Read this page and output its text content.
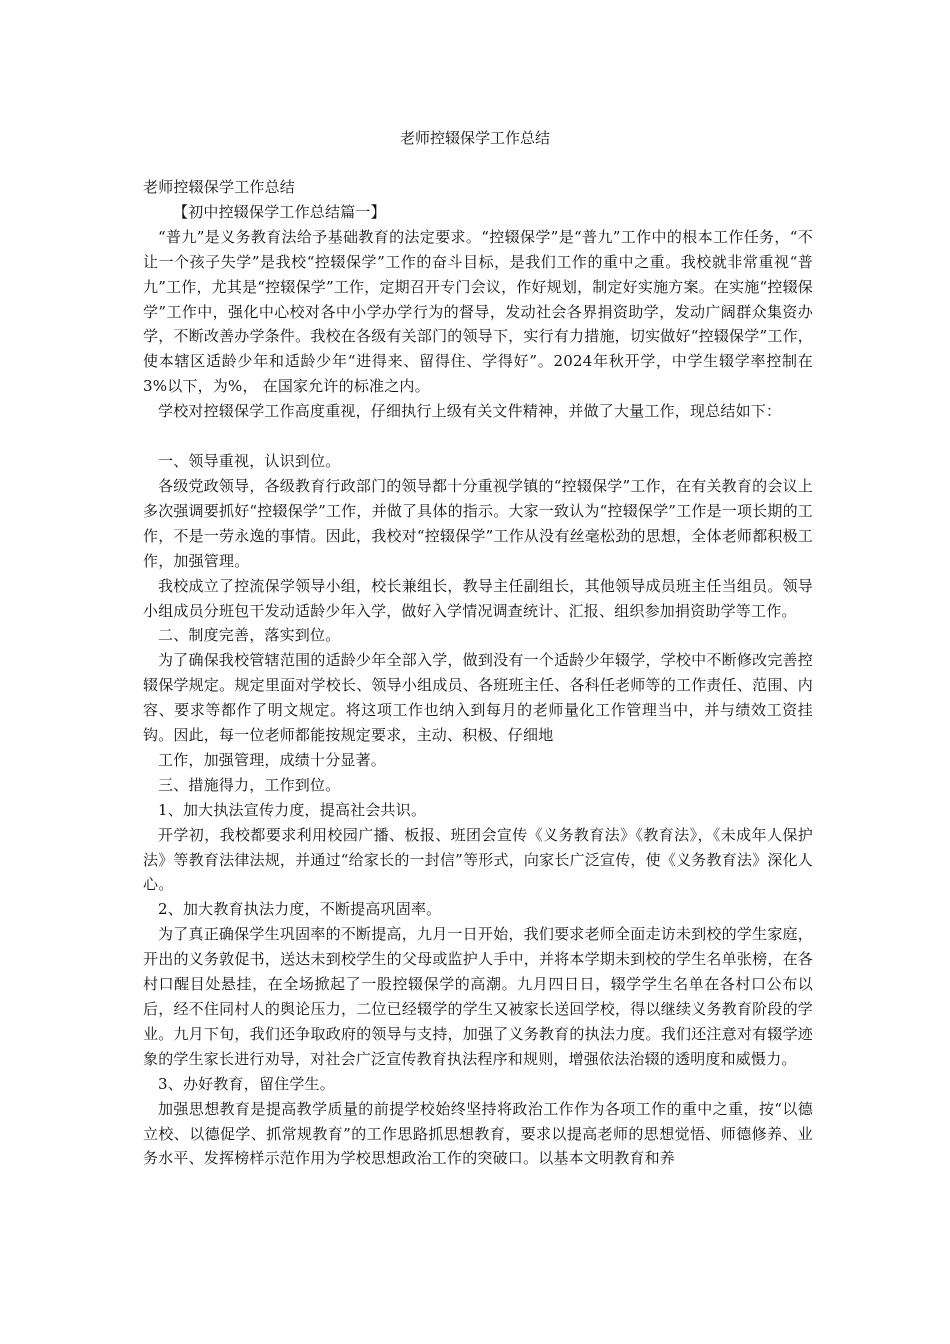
老师控辍保学工作总结

老师控辍保学工作总结

【初中控辍保学工作总结篇一】

“普九”是义务教育法给予基础教育的法定要求。“控辍保学”是“普九”工作中的根本工作任务，“不让一个孩子失学”是我校“控辍保学”工作的奋斗目标，是我们工作的重中之重。我校就非常重视“普九”工作，尤其是“控辍保学”工作，定期召开专门会议，作好规划，制定好实施方案。在实施“控辍保学”工作中，强化中心校对各中小学办学行为的督导，发动社会各界捐资助学，发动广阔群众集资办学，不断改善办学条件。我校在各级有关部门的领导下，实行有力措施，切实做好“控辍保学”工作，使本辖区适龄少年和适龄少年“进得来、留得住、学得好”。2024年秋开学，中学生辍学率控制在3%以下，为%， 在国家允许的标准之内。

学校对控辍保学工作高度重视，仔细执行上级有关文件精神，并做了大量工作，现总结如下：

一、领导重视，认识到位。

各级党政领导，各级教育行政部门的领导都十分重视学镇的“控辍保学”工作，在有关教育的会议上多次强调要抓好“控辍保学”工作，并做了具体的指示。大家一致认为“控辍保学”工作是一项长期的工作，不是一劳永逸的事情。因此，我校对“控辍保学”工作从没有丝毫松劲的思想，全体老师都积极工作，加强管理。

我校成立了控流保学领导小组，校长兼组长，教导主任副组长，其他领导成员班主任当组员。领导小组成员分班包干发动适龄少年入学，做好入学情况调查统计、汇报、组织参加捐资助学等工作。

二、制度完善，落实到位。

为了确保我校管辖范围的适龄少年全部入学，做到没有一个适龄少年辍学，学校中不断修改完善控辍保学规定。规定里面对学校长、领导小组成员、各班班主任、各科任老师等的工作责任、范围、内容、要求等都作了明文规定。将这项工作也纳入到每月的老师量化工作管理当中，并与绩效工资挂钩。因此，每一位老师都能按规定要求，主动、积极、仔细地

工作，加强管理，成绩十分显著。

三、措施得力，工作到位。

1、加大执法宣传力度，提高社会共识。

开学初，我校都要求利用校园广播、板报、班团会宣传《义务教育法》《教育法》，《未成年人保护法》等教育法律法规，并通过“给家长的一封信”等形式，向家长广泛宣传，使《义务教育法》深化人心。

2、加大教育执法力度，不断提高巩固率。

为了真正确保学生巩固率的不断提高，九月一日开始，我们要求老师全面走访未到校的学生家庭，开出的义务敦促书，送达未到校学生的父母或监护人手中，并将本学期未到校的学生名单张榜，在各村口醒目处悬挂，在全场掀起了一股控辍保学的高潮。九月四日日，辍学学生名单在各村口公布以后，经不住同村人的舆论压力，二位已经辍学的学生又被家长送回学校，得以继续义务教育阶段的学业。九月下旬，我们还争取政府的领导与支持，加强了义务教育的执法力度。我们还注意对有辍学迹象的学生家长进行劝导，对社会广泛宣传教育执法程序和规则，增强依法治辍的透明度和威慑力。

3、办好教育，留住学生。

加强思想教育是提高教学质量的前提学校始终坚持将政治工作作为各项工作的重中之重，按“以德立校、以德促学、抓常规教育”的工作思路抓思想教育，要求以提高老师的思想觉悟、师德修养、业务水平、发挥榜样示范作用为学校思想政治工作的突破口。以基本文明教育和养
